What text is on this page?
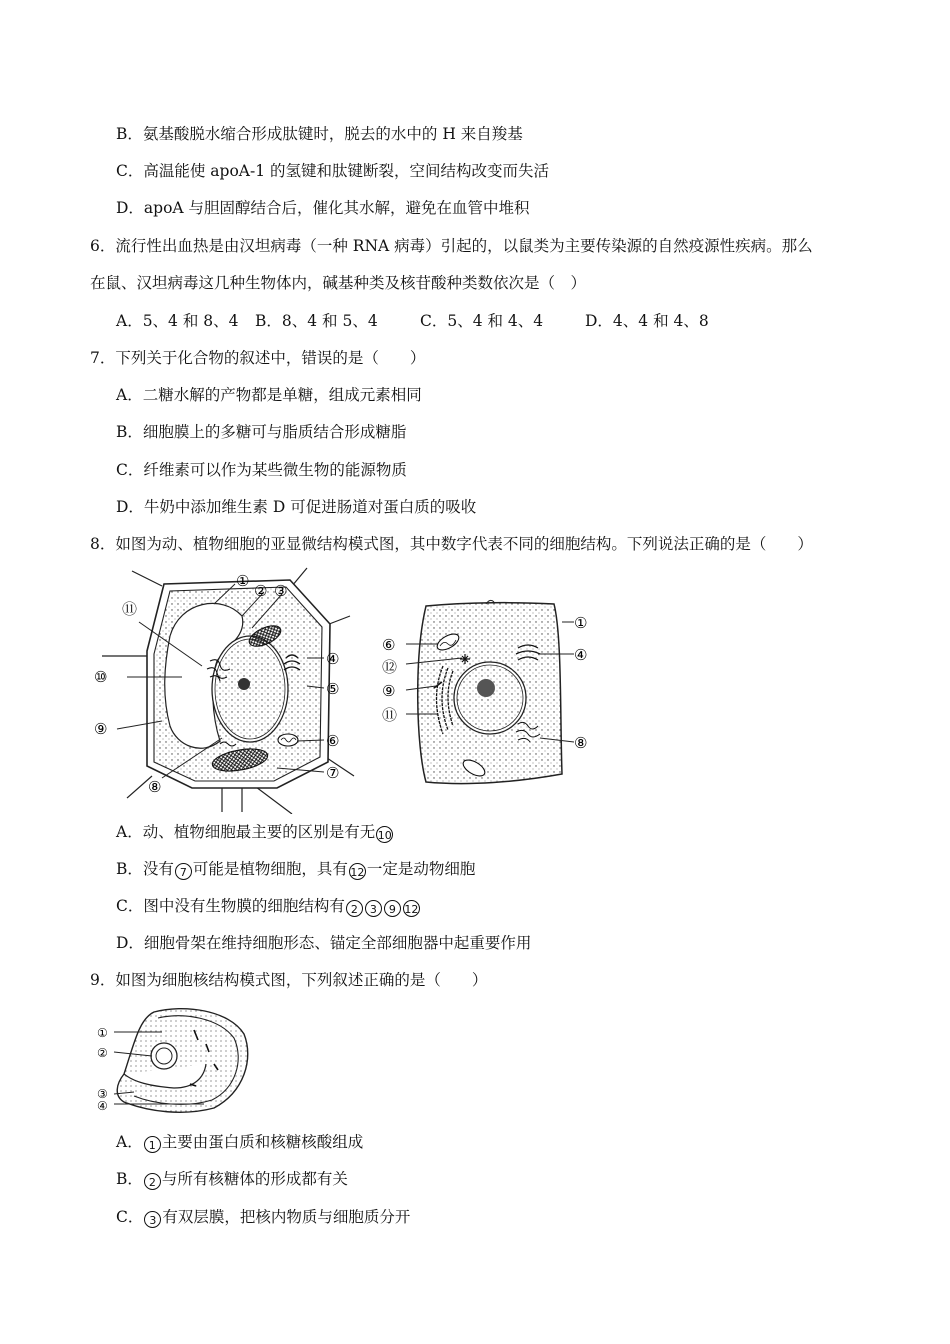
B．氨基酸脱水缩合形成肽键时，脱去的水中的 H 来自羧基
C．高温能使 apoA-1 的氢键和肽键断裂，空间结构改变而失活
D．apoA 与胆固醇结合后，催化其水解，避免在血管中堆积
6．流行性出血热是由汉坦病毒（一种 RNA 病毒）引起的，以鼠类为主要传染源的自然疫源性疾病。那么
在鼠、汉坦病毒这几种生物体内，碱基种类及核苷酸种类数依次是（　）
A．5、4 和 8、4 B．8、4 和 5、4	C．5、4 和 4、4	D．4、4 和 4、8
7．下列关于化合物的叙述中，错误的是（　　）
A．二糖水解的产物都是单糖，组成元素相同
B．细胞膜上的多糖可与脂质结合形成糖脂
C．纤维素可以作为某些微生物的能源物质
D．牛奶中添加维生素 D 可促进肠道对蛋白质的吸收
8．如图为动、植物细胞的亚显微结构模式图，其中数字代表不同的细胞结构。下列说法正确的是（　　）
①
② ③
④
⑤
⑥
⑦
⑧
⑨
⑩
⑪
①
④
⑥
⑫
⑨
⑪
⑧
A．动、植物细胞最主要的区别是有无 10
B．没有 7 可能是植物细胞，具有 12 一定是动物细胞
C．图中没有生物膜的细胞结构有 2 3 9 12
D．细胞骨架在维持细胞形态、锚定全部细胞器中起重要作用
9．如图为细胞核结构模式图，下列叙述正确的是（　　）
①
②
③
④
A． 1 主要由蛋白质和核糖核酸组成
B． 2 与所有核糖体的形成都有关
C． 3 有双层膜，把核内物质与细胞质分开
